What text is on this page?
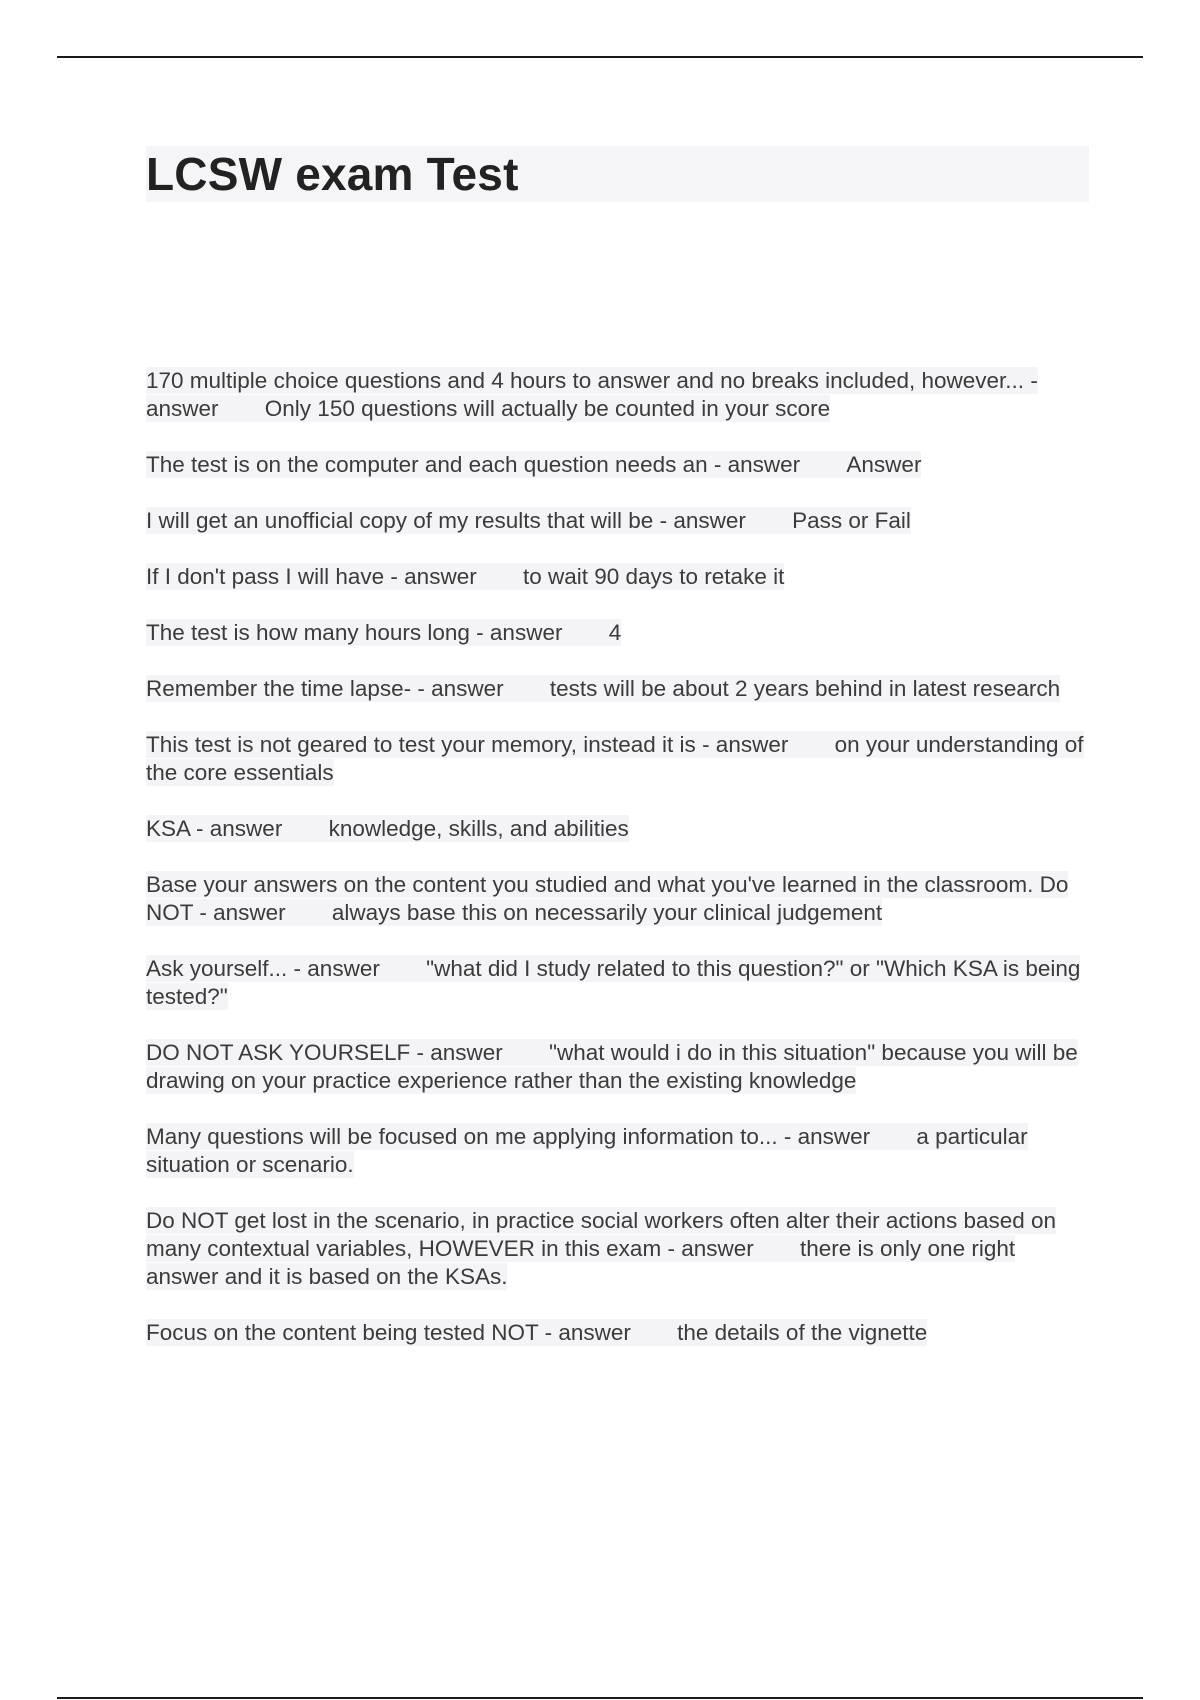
LCSW exam Test

170 multiple choice questions and 4 hours to answer and no breaks included, however... - answer Only 150 questions will actually be counted in your score

The test is on the computer and each question needs an - answer Answer

I will get an unofficial copy of my results that will be - answer Pass or Fail

If I don't pass I will have - answer to wait 90 days to retake it

The test is how many hours long - answer 4

Remember the time lapse- - answer tests will be about 2 years behind in latest research

This test is not geared to test your memory, instead it is - answer on your understanding of the core essentials

KSA - answer knowledge, skills, and abilities

Base your answers on the content you studied and what you've learned in the classroom. Do NOT - answer always base this on necessarily your clinical judgement

Ask yourself... - answer "what did I study related to this question?" or "Which KSA is being tested?"

DO NOT ASK YOURSELF - answer "what would i do in this situation" because you will be drawing on your practice experience rather than the existing knowledge

Many questions will be focused on me applying information to... - answer a particular situation or scenario.

Do NOT get lost in the scenario, in practice social workers often alter their actions based on many contextual variables, HOWEVER in this exam - answer there is only one right answer and it is based on the KSAs.

Focus on the content being tested NOT - answer the details of the vignette
